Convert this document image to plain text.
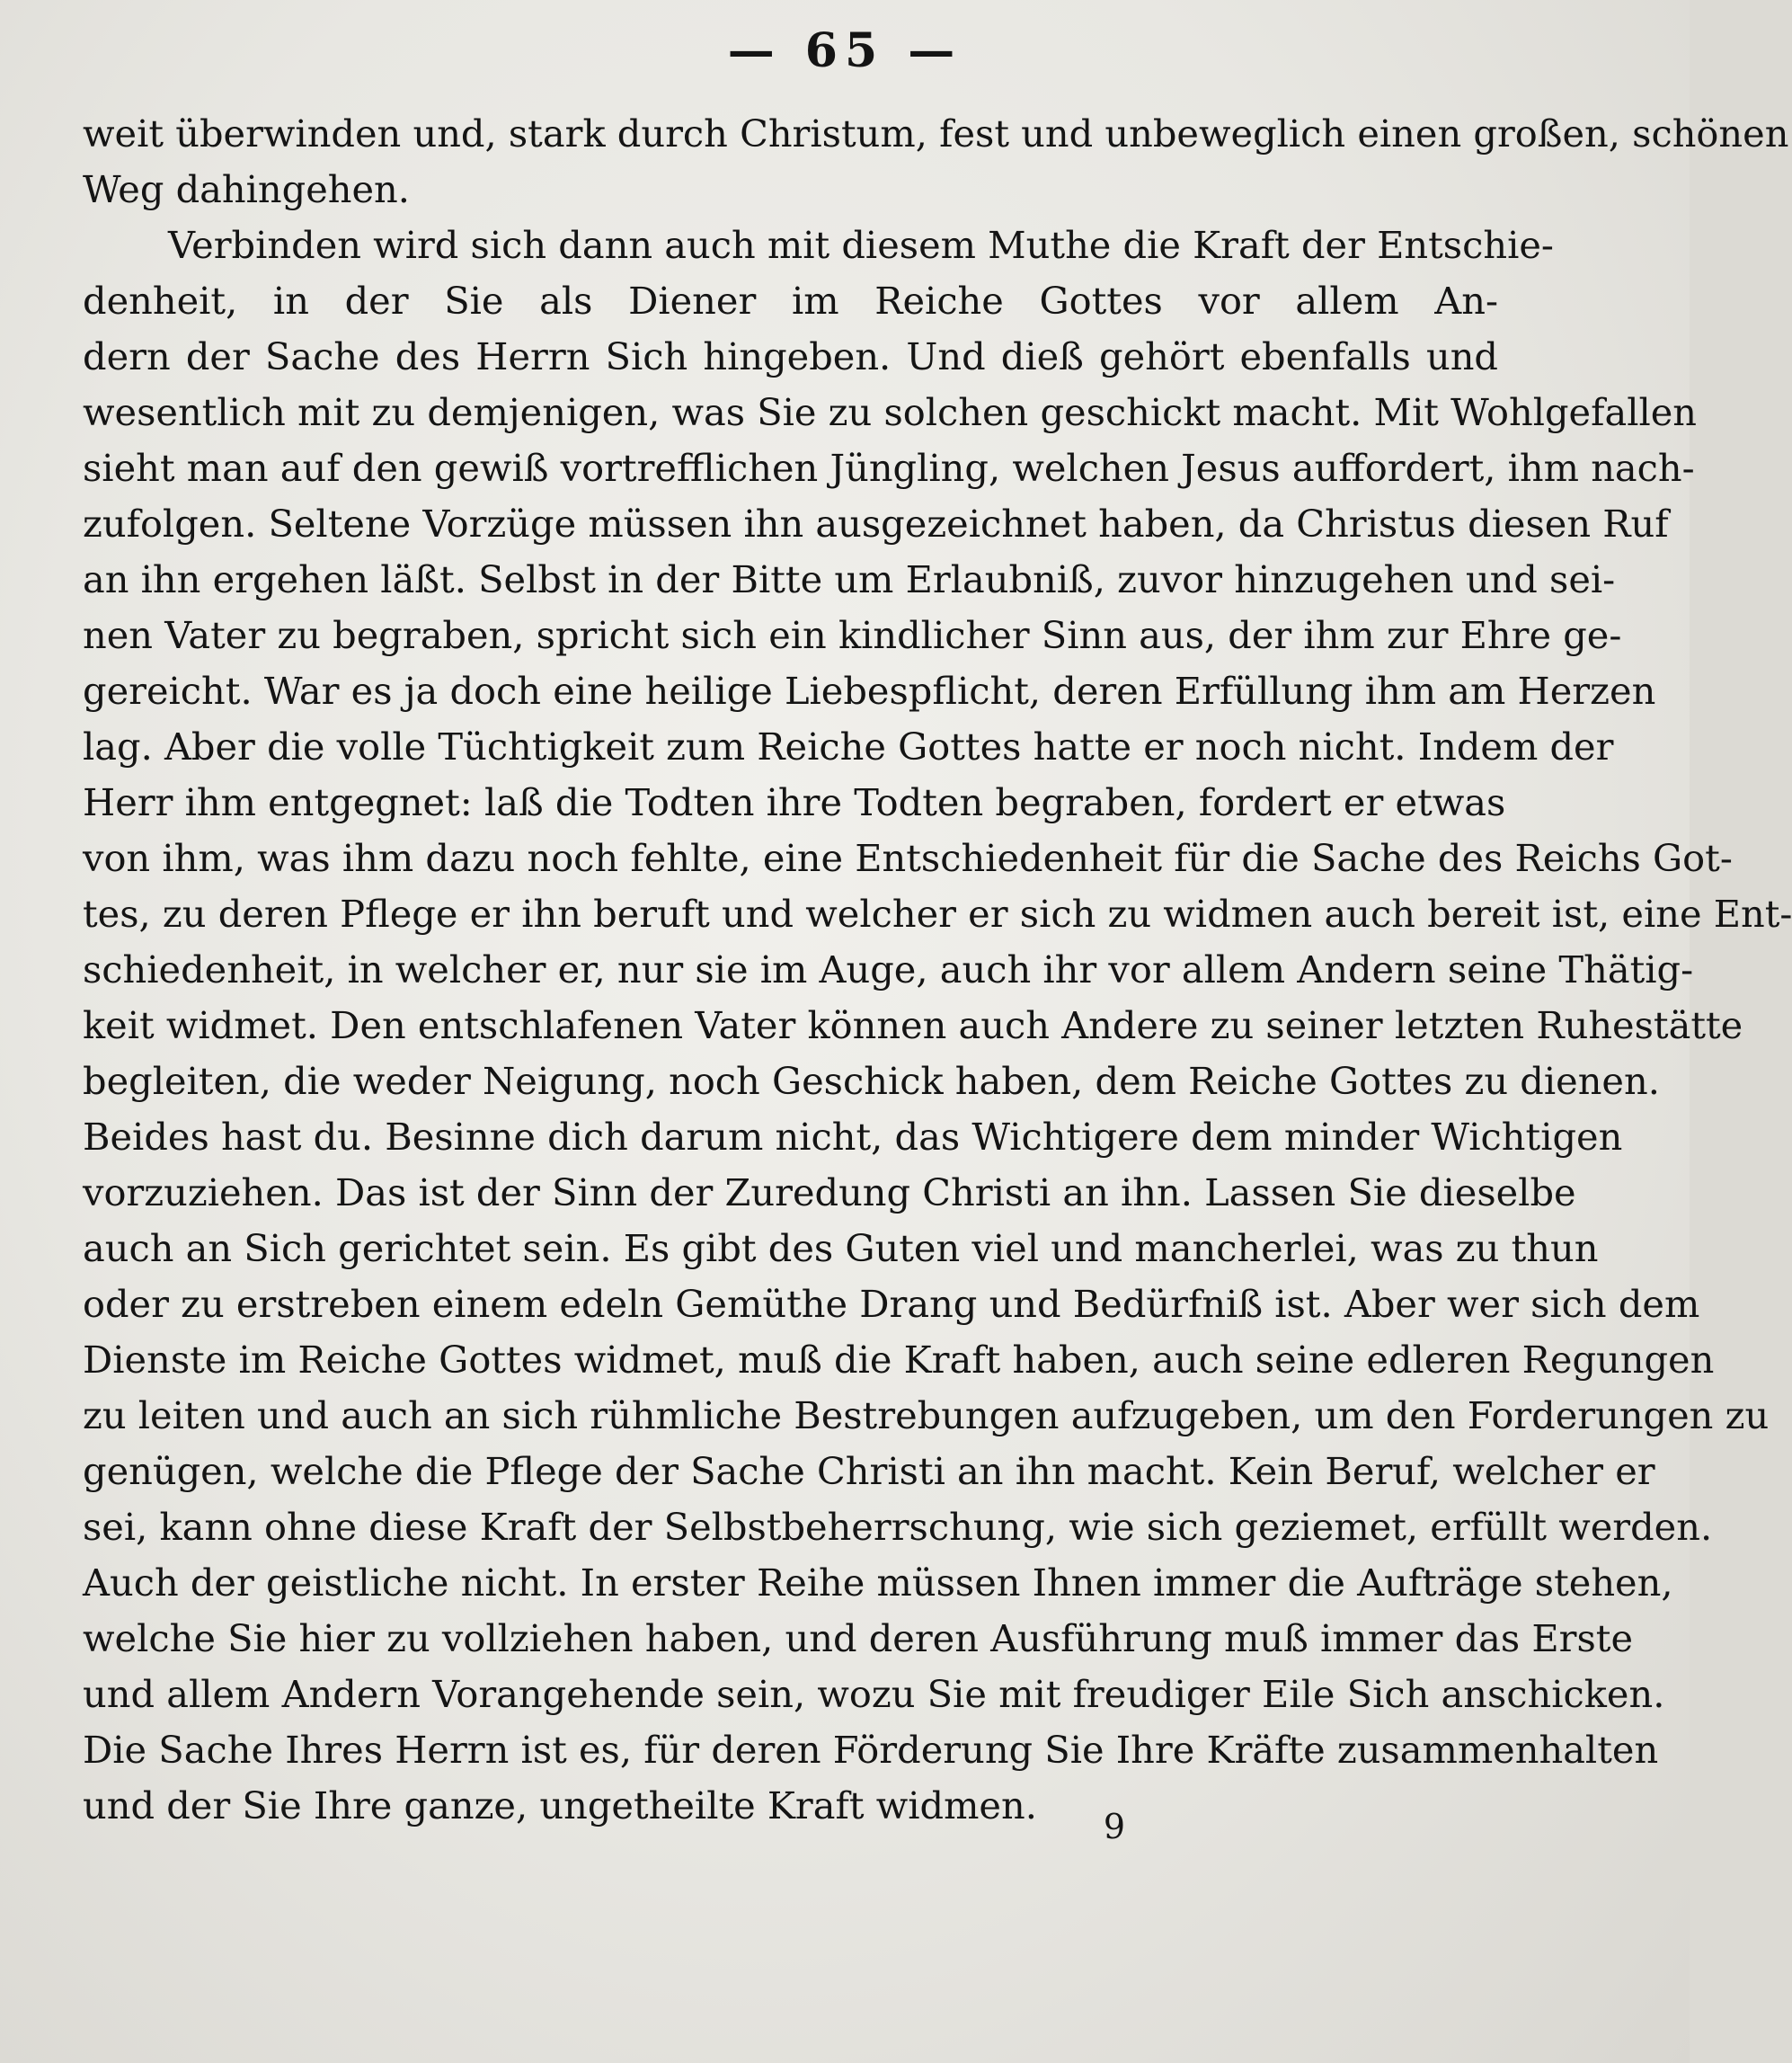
— 65 —
weit überwinden und, stark durch Christum, fest und unbeweglich einen großen, schönen
Weg dahingehen.
Verbinden wird sich dann auch mit diesem Muthe die Kraft der Entschie-
denheit, in der Sie als Diener im Reiche Gottes vor allem An-
dern der Sache des Herrn Sich hingeben. Und dieß gehört ebenfalls und
wesentlich mit zu demjenigen, was Sie zu solchen geschickt macht. Mit Wohlgefallen
sieht man auf den gewiß vortrefflichen Jüngling, welchen Jesus auffordert, ihm nach-
zufolgen. Seltene Vorzüge müssen ihn ausgezeichnet haben, da Christus diesen Ruf
an ihn ergehen läßt. Selbst in der Bitte um Erlaubniß, zuvor hinzugehen und sei-
nen Vater zu begraben, spricht sich ein kindlicher Sinn aus, der ihm zur Ehre ge-
gereicht. War es ja doch eine heilige Liebespflicht, deren Erfüllung ihm am Herzen
lag. Aber die volle Tüchtigkeit zum Reiche Gottes hatte er noch nicht. Indem der
Herr ihm entgegnet: laß die Todten ihre Todten begraben, fordert er etwas
von ihm, was ihm dazu noch fehlte, eine Entschiedenheit für die Sache des Reichs Got-
tes, zu deren Pflege er ihn beruft und welcher er sich zu widmen auch bereit ist, eine Ent-
schiedenheit, in welcher er, nur sie im Auge, auch ihr vor allem Andern seine Thätig-
keit widmet. Den entschlafenen Vater können auch Andere zu seiner letzten Ruhestätte
begleiten, die weder Neigung, noch Geschick haben, dem Reiche Gottes zu dienen.
Beides hast du. Besinne dich darum nicht, das Wichtigere dem minder Wichtigen
vorzuziehen. Das ist der Sinn der Zuredung Christi an ihn. Lassen Sie dieselbe
auch an Sich gerichtet sein. Es gibt des Guten viel und mancherlei, was zu thun
oder zu erstreben einem edeln Gemüthe Drang und Bedürfniß ist. Aber wer sich dem
Dienste im Reiche Gottes widmet, muß die Kraft haben, auch seine edleren Regungen
zu leiten und auch an sich rühmliche Bestrebungen aufzugeben, um den Forderungen zu
genügen, welche die Pflege der Sache Christi an ihn macht. Kein Beruf, welcher er
sei, kann ohne diese Kraft der Selbstbeherrschung, wie sich geziemet, erfüllt werden.
Auch der geistliche nicht. In erster Reihe müssen Ihnen immer die Aufträge stehen,
welche Sie hier zu vollziehen haben, und deren Ausführung muß immer das Erste
und allem Andern Vorangehende sein, wozu Sie mit freudiger Eile Sich anschicken.
Die Sache Ihres Herrn ist es, für deren Förderung Sie Ihre Kräfte zusammenhalten
und der Sie Ihre ganze, ungetheilte Kraft widmen.	9
